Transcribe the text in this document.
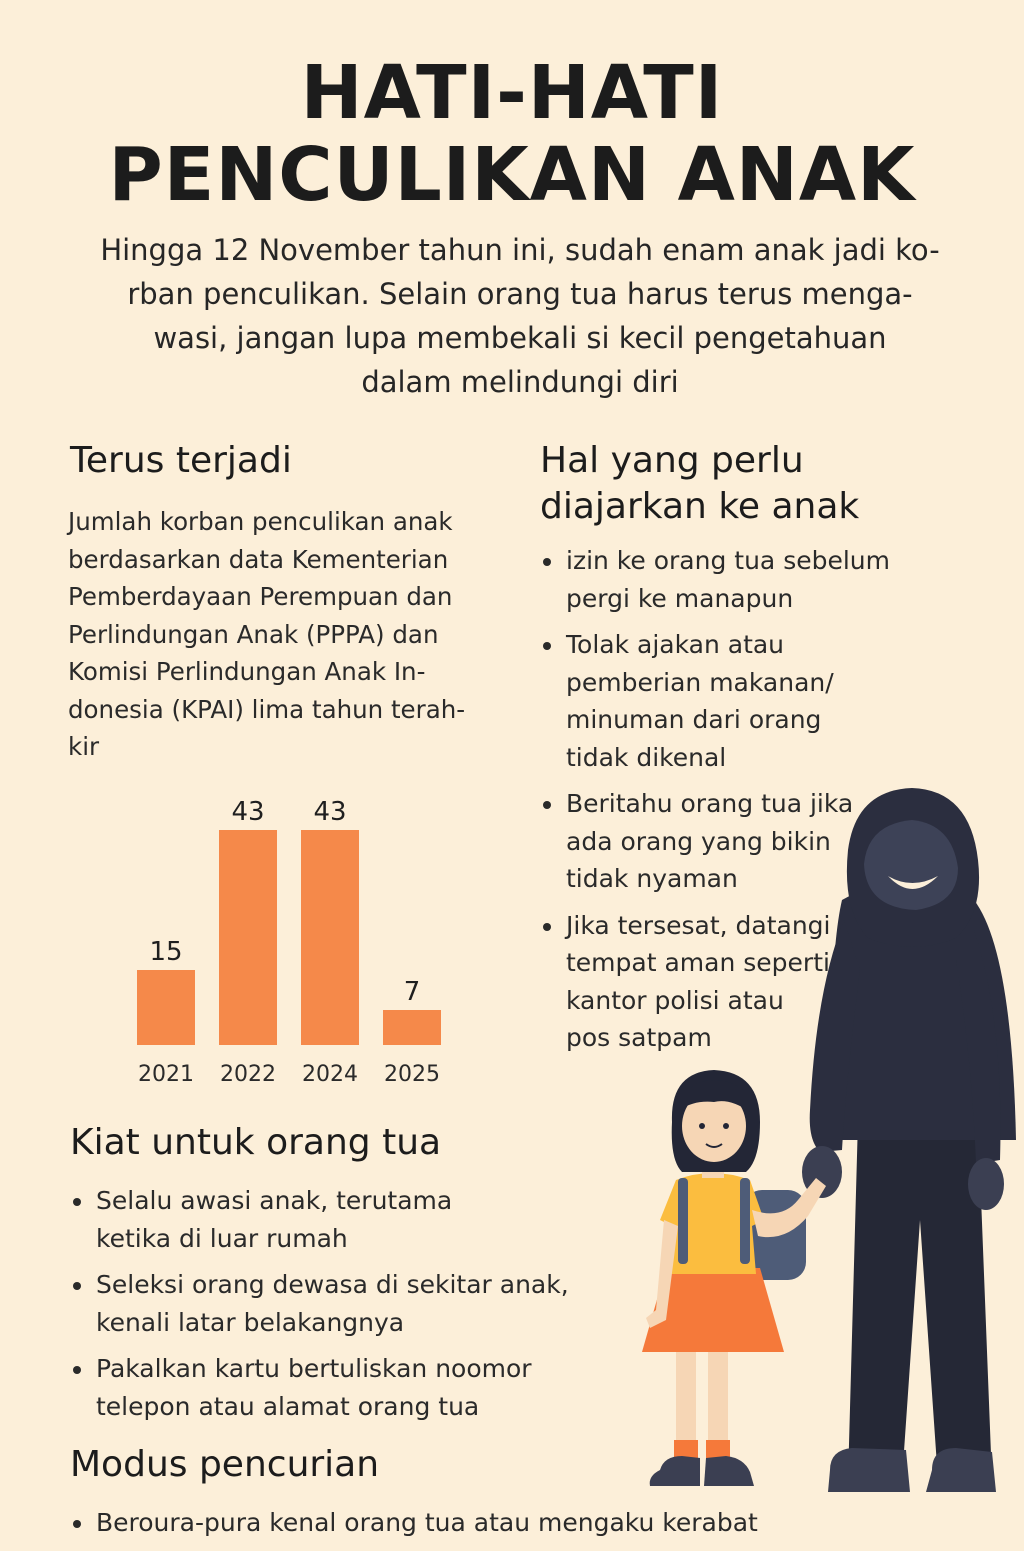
HATI-HATI
PENCULIKAN ANAK
Hingga 12 November tahun ini, sudah enam anak jadi ko-
rban penculikan. Selain orang tua harus terus menga-
wasi, jangan lupa membekali si kecil pengetahuan
dalam melindungi diri
Terus terjadi
Jumlah korban penculikan anak
berdasarkan data Kementerian
Pemberdayaan Perempuan dan
Perlindungan Anak (PPPA) dan
Komisi Perlindungan Anak In-
donesia (KPAI) lima tahun terah-
kir
15
2021
43
2022
43
2024
7
2025
Hal yang perlu
diajarkan ke anak
izin ke orang tua sebelum
pergi ke manapun
Tolak ajakan atau
pemberian makanan/
minuman dari orang
tidak dikenal
Beritahu orang tua jika
ada orang yang bikin
tidak nyaman
Jika tersesat, datangi
tempat aman seperti
kantor polisi atau
pos satpam
Kiat untuk orang tua
Selalu awasi anak, terutama
ketika di luar rumah
Seleksi orang dewasa di sekitar anak,
kenali latar belakangnya
Pakalkan kartu bertuliskan noomor
telepon atau alamat orang tua
Modus pencurian
Beroura-pura kenal orang tua atau mengaku kerabat
